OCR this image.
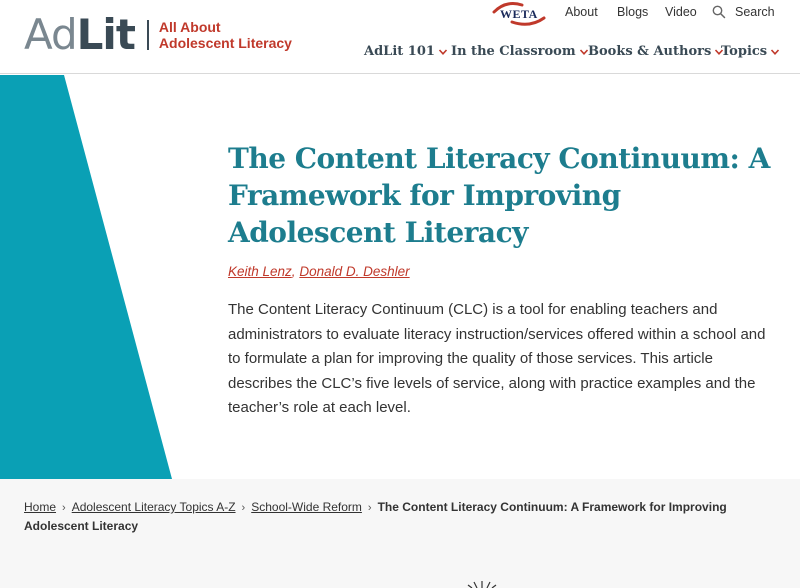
Ad Lit All About
Adolescent Literacy
WETA About Blogs Video	Search
AdLit 101 In the Classroom Books & Authors Topics
The Content Literacy Continuum: A Framework for Improving Adolescent Literacy
Keith Lenz, Donald D. Deshler

The Content Literacy Continuum (CLC) is a tool for enabling teachers and administrators to evaluate literacy instruction/services offered within a school and to formulate a plan for improving the quality of those services. This article describes the CLC’s five levels of service, along with practice examples and the teacher’s role at each level.

Home › Adolescent Literacy Topics A-Z › School-Wide Reform › The Content Literacy Continuum: A Framework for Improving Adolescent Literacy
